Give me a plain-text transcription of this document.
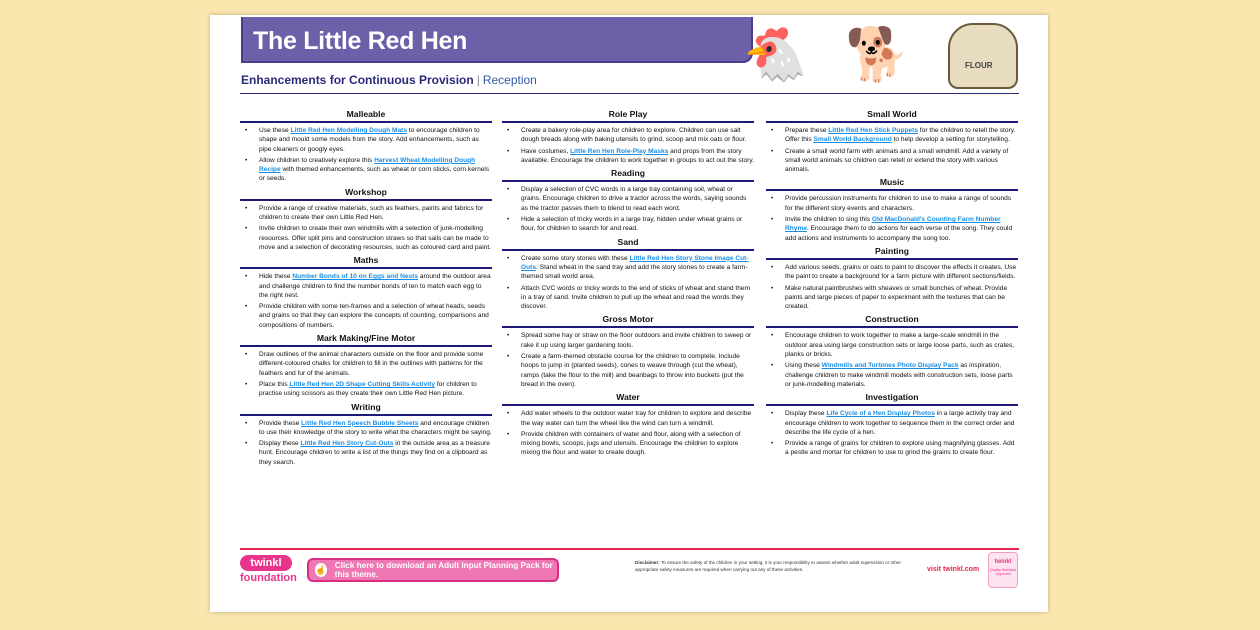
The Little Red Hen
Enhancements for Continuous Provision | Reception	🐔 🐕	FLOUR
Malleable
• Use these Little Red Hen Modelling Dough Mats to encourage children to shape and mould some models from the story. Add enhancements, such as pipe cleaners or googly eyes.
• Allow children to creatively explore this Harvest Wheat Modelling Dough Recipe with themed enhancements, such as wheat or corn sticks, corn kernels or seeds.
Workshop
• Provide a range of creative materials, such as feathers, paints and fabrics for children to create their own Little Red Hen.
• Invite children to create their own windmills with a selection of junk-modelling resources. Offer split pins and construction straws so that sails can be made to move and a selection of decorating resources, such as coloured card and paint.
Maths
• Hide these Number Bonds of 10 on Eggs and Nests around the outdoor area and challenge children to find the number bonds of ten to match each egg to the right nest.
• Provide children with some ten-frames and a selection of wheat heads, seeds and grains so that they can explore the concepts of counting, comparisons and compositions of numbers.
Mark Making/Fine Motor
• Draw outlines of the animal characters outside on the floor and provide some different-coloured chalks for children to fill in the outlines with patterns for the feathers and fur of the animals.
• Place this Little Red Hen 2D Shape Cutting Skills Activity for children to practise using scissors as they create their own Little Red Hen picture.
Writing
• Provide these Little Red Hen Speech Bubble Sheets and encourage children to use their knowledge of the story to write what the characters might be saying.
• Display these Little Red Hen Story Cut-Outs in the outside area as a treasure hunt. Encourage children to write a list of the things they find on a clipboard as they search.
Role Play
• Create a bakery role-play area for children to explore. Children can use salt dough breads along with baking utensils to grind, scoop and mix oats or flour.
• Have costumes, Little Ren Hen Role-Play Masks and props from the story available. Encourage the children to work together in groups to act out the story.
Reading
• Display a selection of CVC words in a large tray containing soil, wheat or grains. Encourage children to drive a tractor across the words, saying sounds as the tractor passes them to blend to read each word.
• Hide a selection of tricky words in a large tray, hidden under wheat grains or flour, for children to search for and read.
Sand
• Create some story stones with these Little Red Hen Story Stone Image Cut-Outs. Stand wheat in the sand tray and add the story stones to create a farm-themed small world area.
• Attach CVC words or tricky words to the end of sticks of wheat and stand them in a tray of sand. Invite children to pull up the wheat and read the words they discover.
Gross Motor
• Spread some hay or straw on the floor outdoors and invite children to sweep or rake it up using larger gardening tools.
• Create a farm-themed obstacle course for the children to complete. Include hoops to jump in (planted seeds), cones to weave through (cut the wheat), ramps (take the flour to the mill) and beanbags to throw into buckets (put the bread in the oven).
Water
• Add water wheels to the outdoor water tray for children to explore and describe the way water can turn the wheel like the wind can turn a windmill.
• Provide children with containers of water and flour, along with a selection of mixing bowls, scoops, jugs and utensils. Encourage the children to explore mixing the flour and water to create dough.
Small World
• Prepare these Little Red Hen Stick Puppets for the children to retell the story. Offer this Small World Background to help develop a setting for storytelling.
• Create a small world farm with animals and a small windmill. Add a variety of small world animals so children can retell or extend the story with various animals.
Music
• Provide percussion instruments for children to use to make a range of sounds for the different story events and characters.
• Invite the children to sing this Old MacDonald's Counting Farm Number Rhyme. Encourage them to do actions for each verse of the song. They could add actions and instruments to accompany the song too.
Painting
• Add various seeds, grains or oats to paint to discover the effects it creates. Use the paint to create a background for a farm picture with different sections/fields.
• Make natural paintbrushes with sheaves or small bunches of wheat. Provide paints and large pieces of paper to experiment with the textures that can be created.
Construction
• Encourage children to work together to make a large-scale windmill in the outdoor area using large construction sets or large loose parts, such as crates, planks or bricks.
• Using these Windmills and Turbines Photo Display Pack as inspiration, challenge children to make windmill models with construction sets, loose parts or junk-modelling materials.
Investigation
• Display these Life Cycle of a Hen Display Photos in a large activity tray and encourage children to work together to sequence them in the correct order and describe the life cycle of a hen.
• Provide a range of grains for children to explore using magnifying glasses. Add a pestle and mortar for children to use to grind the grains to create flour.
twinkl
foundation
☝ Click here to download an Adult Input Planning Pack for this theme.
Disclaimer: To ensure the safety of the children in your setting, it is your responsibility to assess whether adult supervision or other appropriate safety measures are required when carrying out any of these activities.	visit twinkl.com
twinkl
Quality Standard Approved
